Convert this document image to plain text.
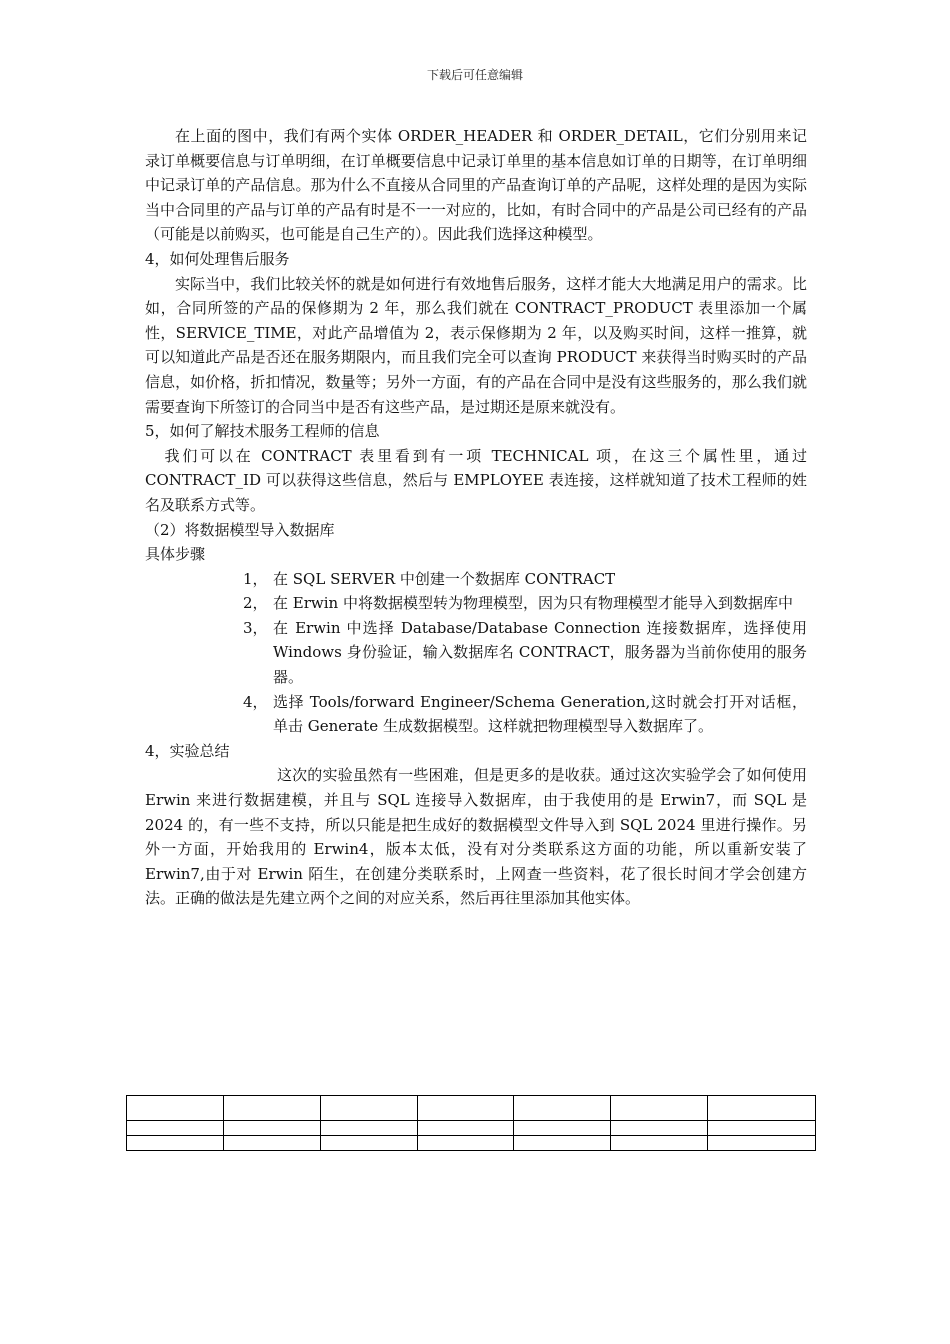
下载后可任意编辑

在上面的图中，我们有两个实体 ORDER_HEADER 和 ORDER_DETAIL，它们分别用来记录订单概要信息与订单明细，在订单概要信息中记录订单里的基本信息如订单的日期等，在订单明细中记录订单的产品信息。那为什么不直接从合同里的产品查询订单的产品呢，这样处理的是因为实际当中合同里的产品与订单的产品有时是不一一对应的，比如，有时合同中的产品是公司已经有的产品（可能是以前购买，也可能是自己生产的）。因此我们选择这种模型。

4，如何处理售后服务

实际当中，我们比较关怀的就是如何进行有效地售后服务，这样才能大大地满足用户的需求。比如，合同所签的产品的保修期为 2 年，那么我们就在 CONTRACT_PRODUCT 表里添加一个属性，SERVICE_TIME，对此产品增值为 2，表示保修期为 2 年，以及购买时间，这样一推算，就可以知道此产品是否还在服务期限内，而且我们完全可以查询 PRODUCT 来获得当时购买时的产品信息，如价格，折扣情况，数量等；另外一方面，有的产品在合同中是没有这些服务的，那么我们就需要查询下所签订的合同当中是否有这些产品，是过期还是原来就没有。

5，如何了解技术服务工程师的信息

我们可以在 CONTRACT 表里看到有一项 TECHNICAL 项，在这三个属性里，通过 CONTRACT_ID 可以获得这些信息，然后与 EMPLOYEE 表连接，这样就知道了技术工程师的姓名及联系方式等。

（2）将数据模型导入数据库

具体步骤

1， 在 SQL SERVER 中创建一个数据库 CONTRACT
2， 在 Erwin 中将数据模型转为物理模型，因为只有物理模型才能导入到数据库中
3， 在 Erwin 中选择 Database/Database Connection 连接数据库，选择使用 Windows 身份验证，输入数据库名 CONTRACT，服务器为当前你使用的服务器。
4， 选择 Tools/forward Engineer/Schema Generation,这时就会打开对话框，单击 Generate 生成数据模型。这样就把物理模型导入数据库了。

4，实验总结

这次的实验虽然有一些困难，但是更多的是收获。通过这次实验学会了如何使用 Erwin 来进行数据建模，并且与 SQL 连接导入数据库，由于我使用的是 Erwin7，而 SQL 是 2024 的，有一些不支持，所以只能是把生成好的数据模型文件导入到 SQL 2024 里进行操作。另外一方面，开始我用的 Erwin4，版本太低，没有对分类联系这方面的功能，所以重新安装了 Erwin7,由于对 Erwin 陌生，在创建分类联系时，上网查一些资料，花了很长时间才学会创建方法。正确的做法是先建立两个之间的对应关系，然后再往里添加其他实体。
